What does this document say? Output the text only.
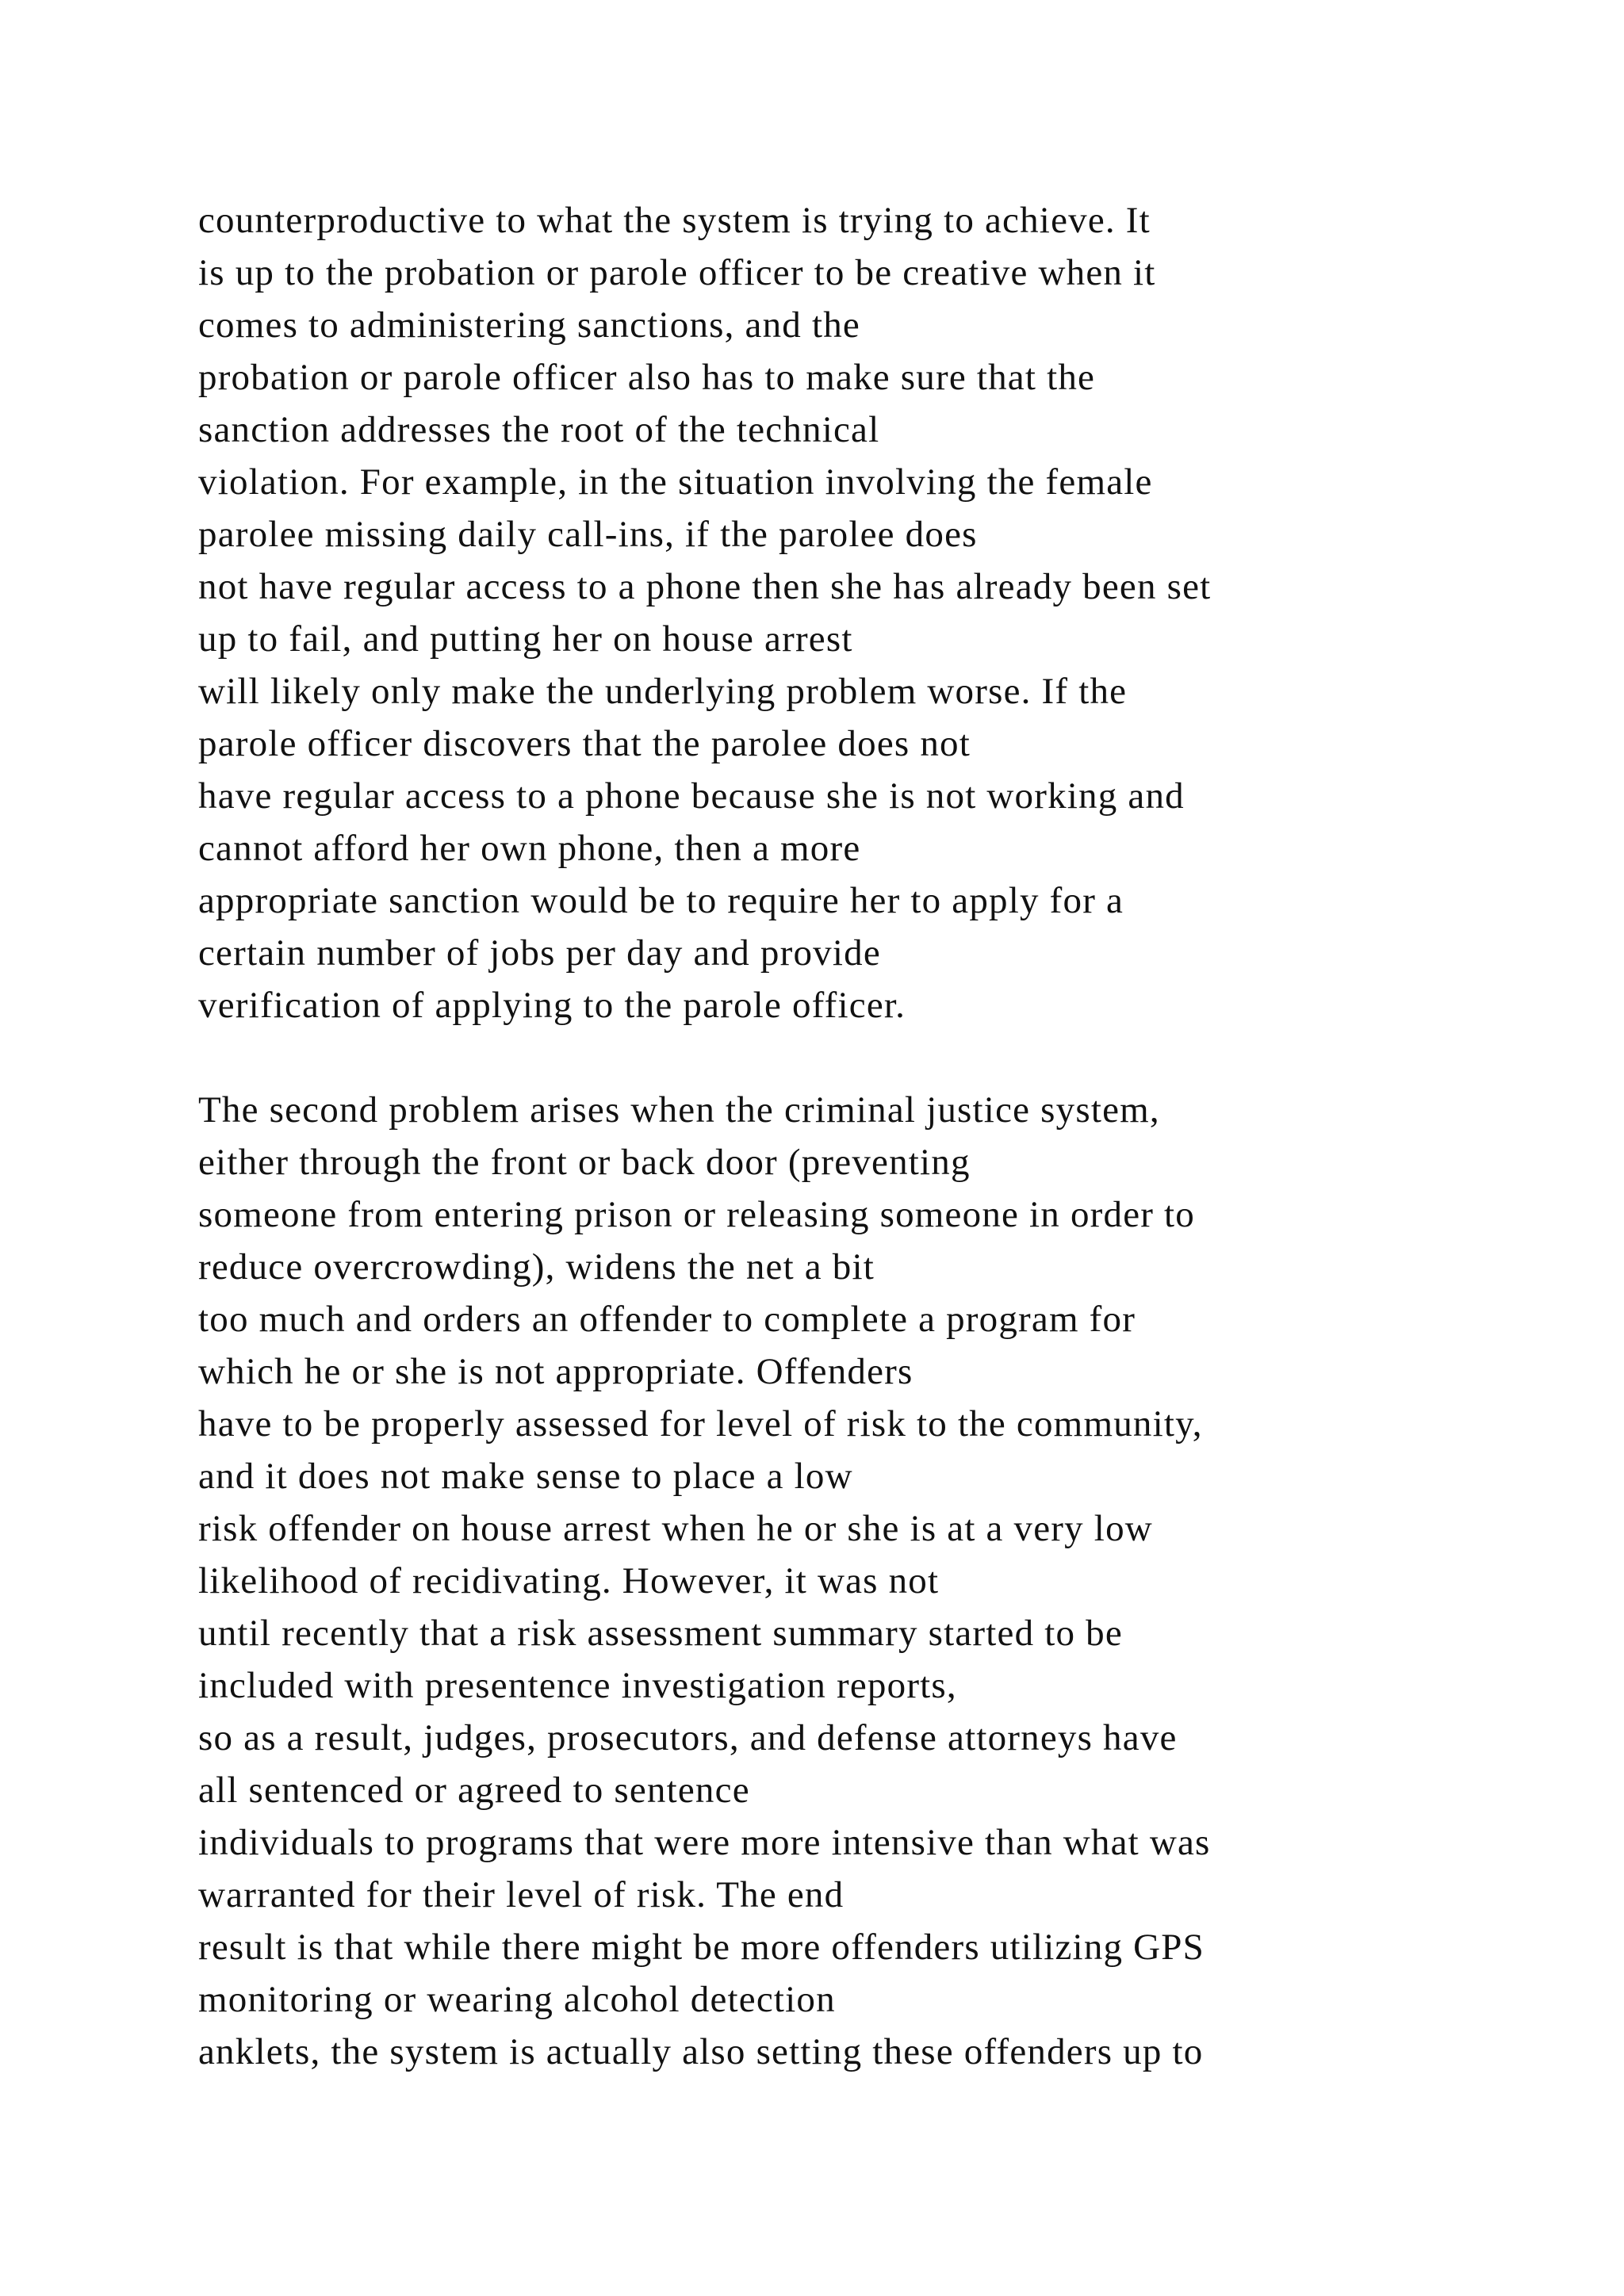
counterproductive to what the system is trying to achieve. It
is up to the probation or parole officer to be creative when it
comes to administering sanctions, and the
probation or parole officer also has to make sure that the
sanction addresses the root of the technical
violation. For example, in the situation involving the female
parolee missing daily call-ins, if the parolee does
not have regular access to a phone then she has already been set
up to fail, and putting her on house arrest
will likely only make the underlying problem worse. If the
parole officer discovers that the parolee does not
have regular access to a phone because she is not working and
cannot afford her own phone, then a more
appropriate sanction would be to require her to apply for a
certain number of jobs per day and provide
verification of applying to the parole officer.
The second problem arises when the criminal justice system,
either through the front or back door (preventing
someone from entering prison or releasing someone in order to
reduce overcrowding), widens the net a bit
too much and orders an offender to complete a program for
which he or she is not appropriate. Offenders
have to be properly assessed for level of risk to the community,
and it does not make sense to place a low
risk offender on house arrest when he or she is at a very low
likelihood of recidivating. However, it was not
until recently that a risk assessment summary started to be
included with presentence investigation reports,
so as a result, judges, prosecutors, and defense attorneys have
all sentenced or agreed to sentence
individuals to programs that were more intensive than what was
warranted for their level of risk. The end
result is that while there might be more offenders utilizing GPS
monitoring or wearing alcohol detection
anklets, the system is actually also setting these offenders up to
